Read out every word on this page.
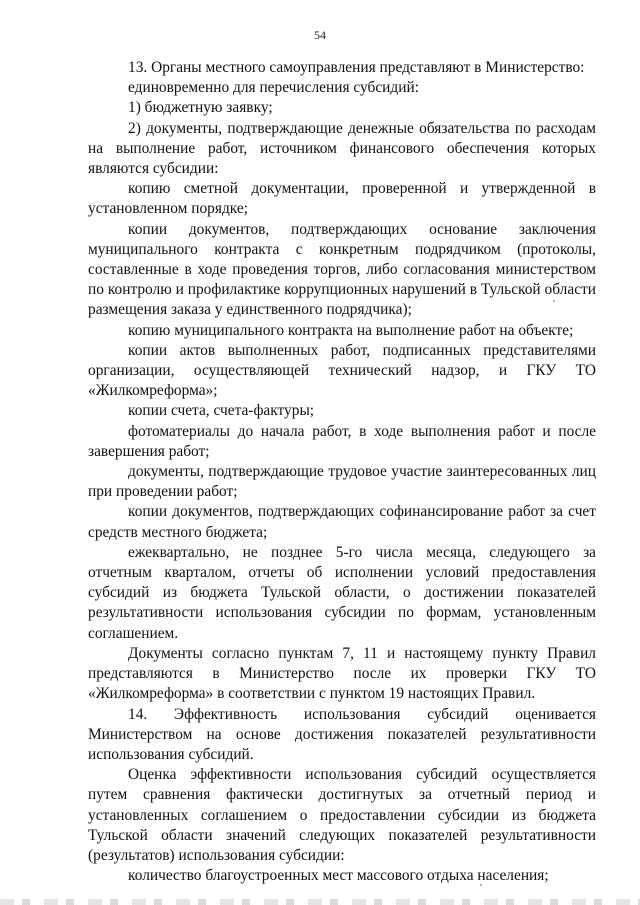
54

13. Органы местного самоуправления представляют в Министерство:

единовременно для перечисления субсидий:

1) бюджетную заявку;

2) документы, подтверждающие денежные обязательства по расходам на выполнение работ, источником финансового обеспечения которых являются субсидии:

копию сметной документации, проверенной и утвержденной в установленном порядке;

копии документов, подтверждающих основание заключения муниципального контракта с конкретным подрядчиком (протоколы, составленные в ходе проведения торгов, либо согласования министерством по контролю и профилактике коррупционных нарушений в Тульской области размещения заказа у единственного подрядчика);

копию муниципального контракта на выполнение работ на объекте;

копии актов выполненных работ, подписанных представителями организации, осуществляющей технический надзор, и ГКУ ТО «Жилкомреформа»;

копии счета, счета-фактуры;

фотоматериалы до начала работ, в ходе выполнения работ и после завершения работ;

документы, подтверждающие трудовое участие заинтересованных лиц при проведении работ;

копии документов, подтверждающих софинансирование работ за счет средств местного бюджета;

ежеквартально, не позднее 5-го числа месяца, следующего за отчетным кварталом, отчеты об исполнении условий предоставления субсидий из бюджета Тульской области, о достижении показателей результативности использования субсидии по формам, установленным соглашением.

Документы согласно пунктам 7, 11 и настоящему пункту Правил представляются в Министерство после их проверки ГКУ ТО «Жилкомреформа» в соответствии с пунктом 19 настоящих Правил.

14. Эффективность использования субсидий оценивается Министерством на основе достижения показателей результативности использования субсидий.

Оценка эффективности использования субсидий осуществляется путем сравнения фактически достигнутых за отчетный период и установленных соглашением о предоставлении субсидии из бюджета Тульской области значений следующих показателей результативности (результатов) использования субсидии:

количество благоустроенных мест массового отдыха населения;
